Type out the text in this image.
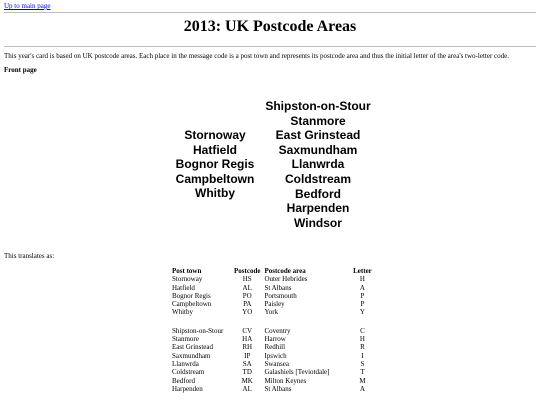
Up to main page
2013: UK Postcode Areas

This year's card is based on UK postcode areas. Each place in the message code is a post town and represents its postcode area and thus the initial letter of the area's two-letter code.

Front page

Stornoway
Hatfield
Bognor Regis
Campbeltown
Whitby
Shipston-on-Stour
Stanmore
East Grinstead
Saxmundham
Llanwrda
Coldstream
Bedford
Harpenden
Windsor

This translates as:

Post town	Postcode	Postcode area	Letter
Stornoway	HS	Outer Hebrides	H
Hatfield	AL	St Albans	A
Bognor Regis	PO	Portsmouth	P
Campbeltown	PA	Paisley	P
Whitby	YO	York	Y

Shipston-on-Stour	CV	Coventry	C
Stanmore	HA	Harrow	H
East Grinstead	RH	Redhill	R
Saxmundham	IP	Ipswich	I
Llanwrda	SA	Swansea	S
Coldstream	TD	Galashiels [Teviotdale]	T
Bedford	MK	Milton Keynes	M
Harpenden	AL	St Albans	A
